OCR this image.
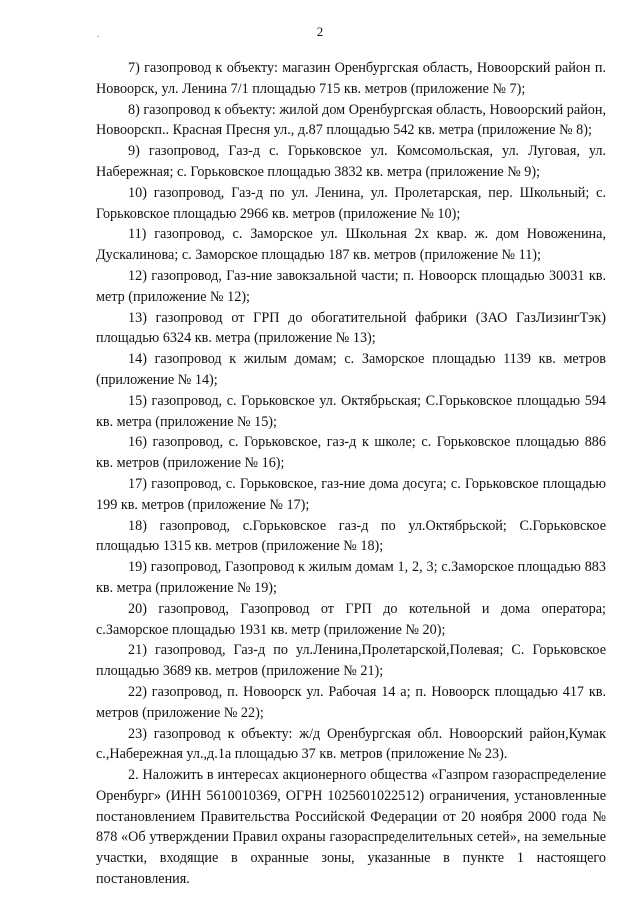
2
.

7) газопровод к объекту: магазин Оренбургская область, Новоорский район п. Новоорск, ул. Ленина 7/1 площадью 715 кв. метров (приложение № 7);

8) газопровод к объекту: жилой дом Оренбургская область, Новоорский район, Новоорскп.. Красная Пресня ул., д.87 площадью 542 кв. метра (приложение № 8);

9) газопровод, Газ-д с. Горьковское ул. Комсомольская, ул. Луговая, ул. Набережная; с. Горьковское площадью 3832 кв. метра (приложение № 9);

10) газопровод, Газ-д по ул. Ленина, ул. Пролетарская, пер. Школьный; с. Горьковское площадью 2966 кв. метров (приложение № 10);

11) газопровод, с. Заморское ул. Школьная 2х квар. ж. дом Новоженина, Дускалинова; с. Заморское площадью 187 кв. метров (приложение № 11);

12) газопровод, Газ-ние завокзальной части; п. Новоорск площадью 30031 кв. метр (приложение № 12);

13) газопровод от ГРП до обогатительной фабрики (ЗАО ГазЛизингТэк) площадью 6324 кв. метра (приложение № 13);

14) газопровод к жилым домам; с. Заморское площадью 1139 кв. метров (приложение № 14);

15) газопровод, с. Горьковское ул. Октябрьская; С.Горьковское площадью 594 кв. метра (приложение № 15);

16) газопровод, с. Горьковское, газ-д к школе; с. Горьковское площадью 886 кв. метров (приложение № 16);

17) газопровод, с. Горьковское, газ-ние дома досуга; с. Горьковское площадью 199 кв. метров (приложение № 17);

18) газопровод, с.Горьковское газ-д по ул.Октябрьской; С.Горьковское площадью 1315 кв. метров (приложение № 18);

19) газопровод, Газопровод к жилым домам 1, 2, 3; с.Заморское площадью 883 кв. метра (приложение № 19);

20) газопровод, Газопровод от ГРП до котельной и дома оператора; с.Заморское площадью 1931 кв. метр (приложение № 20);

21) газопровод, Газ-д по ул.Ленина,Пролетарской,Полевая; С. Горьковское площадью 3689 кв. метров (приложение № 21);

22) газопровод, п. Новоорск ул. Рабочая 14 а; п. Новоорск площадью 417 кв. метров (приложение № 22);

23) газопровод к объекту: ж/д Оренбургская обл. Новоорский район,Кумак с.,Набережная ул.,д.1а площадью 37 кв. метров (приложение № 23).

2. Наложить в интересах акционерного общества «Газпром газораспределение Оренбург» (ИНН 5610010369, ОГРН 1025601022512) ограничения, установленные постановлением Правительства Российской Федерации от 20 ноября 2000 года № 878 «Об утверждении Правил охраны газораспределительных сетей», на земельные участки, входящие в охранные зоны, указанные в пункте 1 настоящего постановления.
